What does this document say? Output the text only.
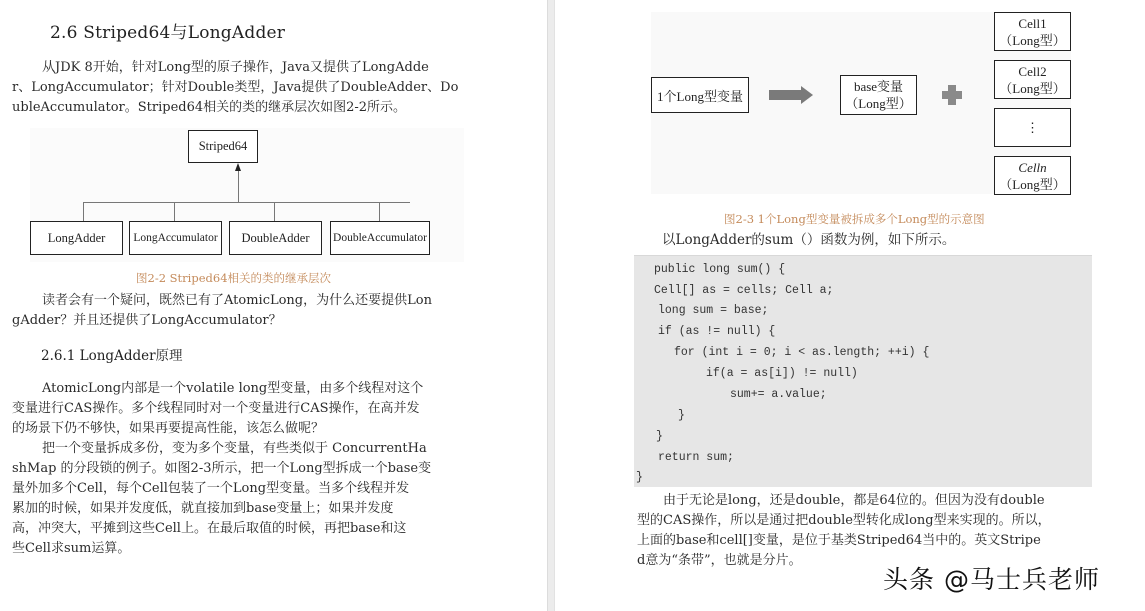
2.6 Striped64与LongAdder
从JDK 8开始，针对Long型的原子操作，Java又提供了LongAdde
r、LongAccumulator；针对Double类型，Java提供了DoubleAdder、Do
ubleAccumulator。Striped64相关的类的继承层次如图2-2所示。
Striped64
LongAdder	LongAccumulator	DoubleAdder	DoubleAccumulator
图2-2 Striped64相关的类的继承层次
读者会有一个疑问，既然已有了AtomicLong，为什么还要提供Lon
gAdder？并且还提供了LongAccumulator？
2.6.1 LongAdder原理
AtomicLong内部是一个volatile long型变量，由多个线程对这个
变量进行CAS操作。多个线程同时对一个变量进行CAS操作，在高并发
的场景下仍不够快，如果再要提高性能，该怎么做呢？
把一个变量拆成多份，变为多个变量，有些类似于 ConcurrentHa
shMap 的分段锁的例子。如图2-3所示，把一个Long型拆成一个base变
量外加多个Cell，每个Cell包装了一个Long型变量。当多个线程并发
累加的时候，如果并发度低，就直接加到base变量上；如果并发度
高，冲突大，平摊到这些Cell上。在最后取值的时候，再把base和这
些Cell求sum运算。
1个Long型变量
base变量
（Long型）
Cell1
（Long型）
Cell2
（Long型）
⋮
Celln
（Long型）
图2-3 1个Long型变量被拆成多个Long型的示意图
以LongAdder的sum（）函数为例，如下所示。
public long sum() {
Cell[] as = cells; Cell a;
long sum = base;
if (as != null) {
for (int i = 0; i < as.length; ++i) {
if(a = as[i]) != null)
sum+= a.value;
}
}
return sum;
}
由于无论是long，还是double，都是64位的。但因为没有double
型的CAS操作，所以是通过把double型转化成long型来实现的。所以，
上面的base和cell[]变量，是位于基类Striped64当中的。英文Stripe
d意为“条带”，也就是分片。
头条 @马士兵老师
